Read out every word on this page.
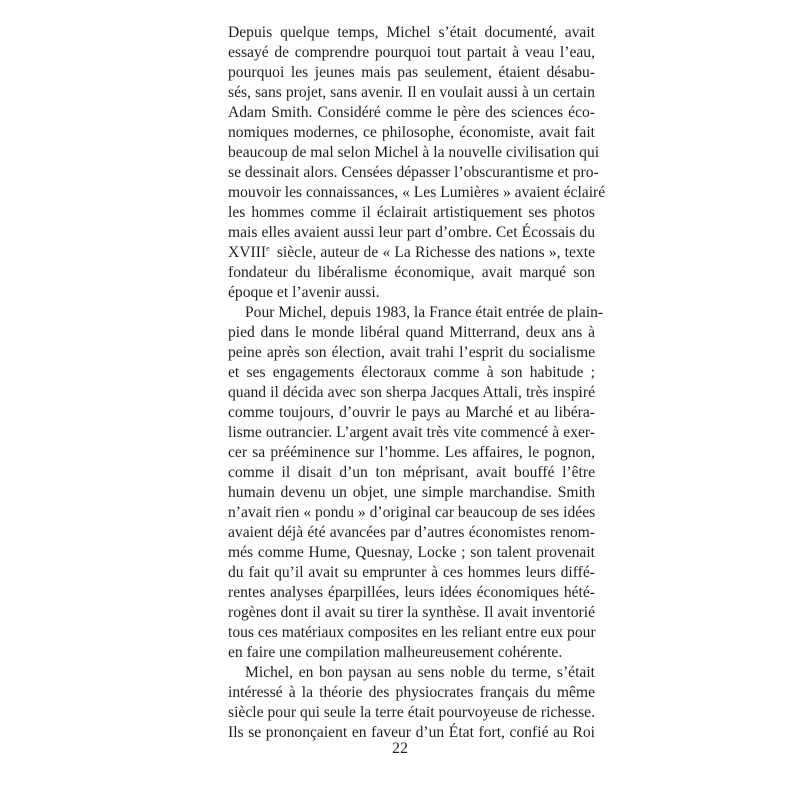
Depuis quelque temps, Michel s’était documenté, avait
essayé de comprendre pourquoi tout partait à veau l’eau,
pourquoi les jeunes mais pas seulement, étaient désabu-
sés, sans projet, sans avenir. Il en voulait aussi à un certain
Adam Smith. Considéré comme le père des sciences éco-
nomiques modernes, ce philosophe, économiste, avait fait
beaucoup de mal selon Michel à la nouvelle civilisation qui
se dessinait alors. Censées dépasser l’obscurantisme et pro-
mouvoir les connaissances, « Les Lumières » avaient éclairé
les hommes comme il éclairait artistiquement ses photos
mais elles avaient aussi leur part d’ombre. Cet Écossais du
XVIIIe siècle, auteur de « La Richesse des nations », texte
fondateur du libéralisme économique, avait marqué son
époque et l’avenir aussi.
Pour Michel, depuis 1983, la France était entrée de plain-
pied dans le monde libéral quand Mitterrand, deux ans à
peine après son élection, avait trahi l’esprit du socialisme
et ses engagements électoraux comme à son habitude ;
quand il décida avec son sherpa Jacques Attali, très inspiré
comme toujours, d’ouvrir le pays au Marché et au libéra-
lisme outrancier. L’argent avait très vite commencé à exer-
cer sa prééminence sur l’homme. Les affaires, le pognon,
comme il disait d’un ton méprisant, avait bouffé l’être
humain devenu un objet, une simple marchandise. Smith
n’avait rien « pondu » d’original car beaucoup de ses idées
avaient déjà été avancées par d’autres économistes renom-
més comme Hume, Quesnay, Locke ; son talent provenait
du fait qu’il avait su emprunter à ces hommes leurs diffé-
rentes analyses éparpillées, leurs idées économiques hété-
rogènes dont il avait su tirer la synthèse. Il avait inventorié
tous ces matériaux composites en les reliant entre eux pour
en faire une compilation malheureusement cohérente.
Michel, en bon paysan au sens noble du terme, s’était
intéressé à la théorie des physiocrates français du même
siècle pour qui seule la terre était pourvoyeuse de richesse.
Ils se prononçaient en faveur d’un État fort, confié au Roi
22
